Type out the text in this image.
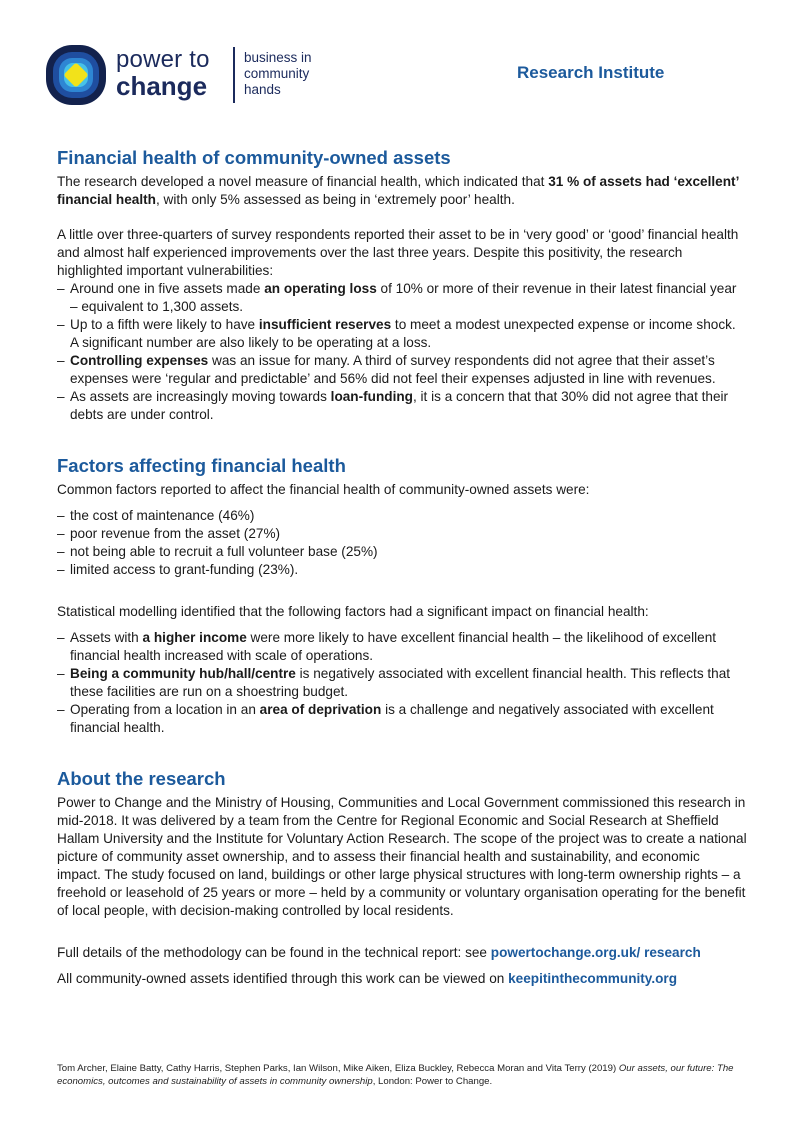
power to
change
business in
community
hands
Research Institute
Financial health of community-owned assets

The research developed a novel measure of financial health, which indicated that 31 % of assets had ‘excellent’ financial health, with only 5% assessed as being in ‘extremely poor’ health.

A little over three-quarters of survey respondents reported their asset to be in ‘very good’ or ‘good’ financial health and almost half experienced improvements over the last three years. Despite this positivity, the research highlighted important vulnerabilities:

– Around one in five assets made an operating loss of 10% or more of their revenue in their latest financial year – equivalent to 1,300 assets.
– Up to a fifth were likely to have insufficient reserves to meet a modest unexpected expense or income shock. A significant number are also likely to be operating at a loss.
– Controlling expenses was an issue for many. A third of survey respondents did not agree that their asset’s expenses were ‘regular and predictable’ and 56% did not feel their expenses adjusted in line with revenues.
– As assets are increasingly moving towards loan-funding, it is a concern that that 30% did not agree that their debts are under control.
Factors affecting financial health

Common factors reported to affect the financial health of community-owned assets were:

– the cost of maintenance (46%)
– poor revenue from the asset (27%)
– not being able to recruit a full volunteer base (25%)
– limited access to grant-funding (23%).

Statistical modelling identified that the following factors had a significant impact on financial health:

– Assets with a higher income were more likely to have excellent financial health – the likelihood of excellent financial health increased with scale of operations.
– Being a community hub/hall/centre is negatively associated with excellent financial health. This reflects that these facilities are run on a shoestring budget.
– Operating from a location in an area of deprivation is a challenge and negatively associated with excellent financial health.
About the research

Power to Change and the Ministry of Housing, Communities and Local Government commissioned this research in mid-2018. It was delivered by a team from the Centre for Regional Economic and Social Research at Sheffield Hallam University and the Institute for Voluntary Action Research. The scope of the project was to create a national picture of community asset ownership, and to assess their financial health and sustainability, and economic impact. The study focused on land, buildings or other large physical structures with long-term ownership rights – a freehold or leasehold of 25 years or more – held by a community or voluntary organisation operating for the benefit of local people, with decision-making controlled by local residents.

Full details of the methodology can be found in the technical report: see powertochange.org.uk/ research

All community-owned assets identified through this work can be viewed on keepitinthecommunity.org

Tom Archer, Elaine Batty, Cathy Harris, Stephen Parks, Ian Wilson, Mike Aiken, Eliza Buckley, Rebecca Moran and Vita Terry (2019) Our assets, our future: The economics, outcomes and sustainability of assets in community ownership, London: Power to Change.
